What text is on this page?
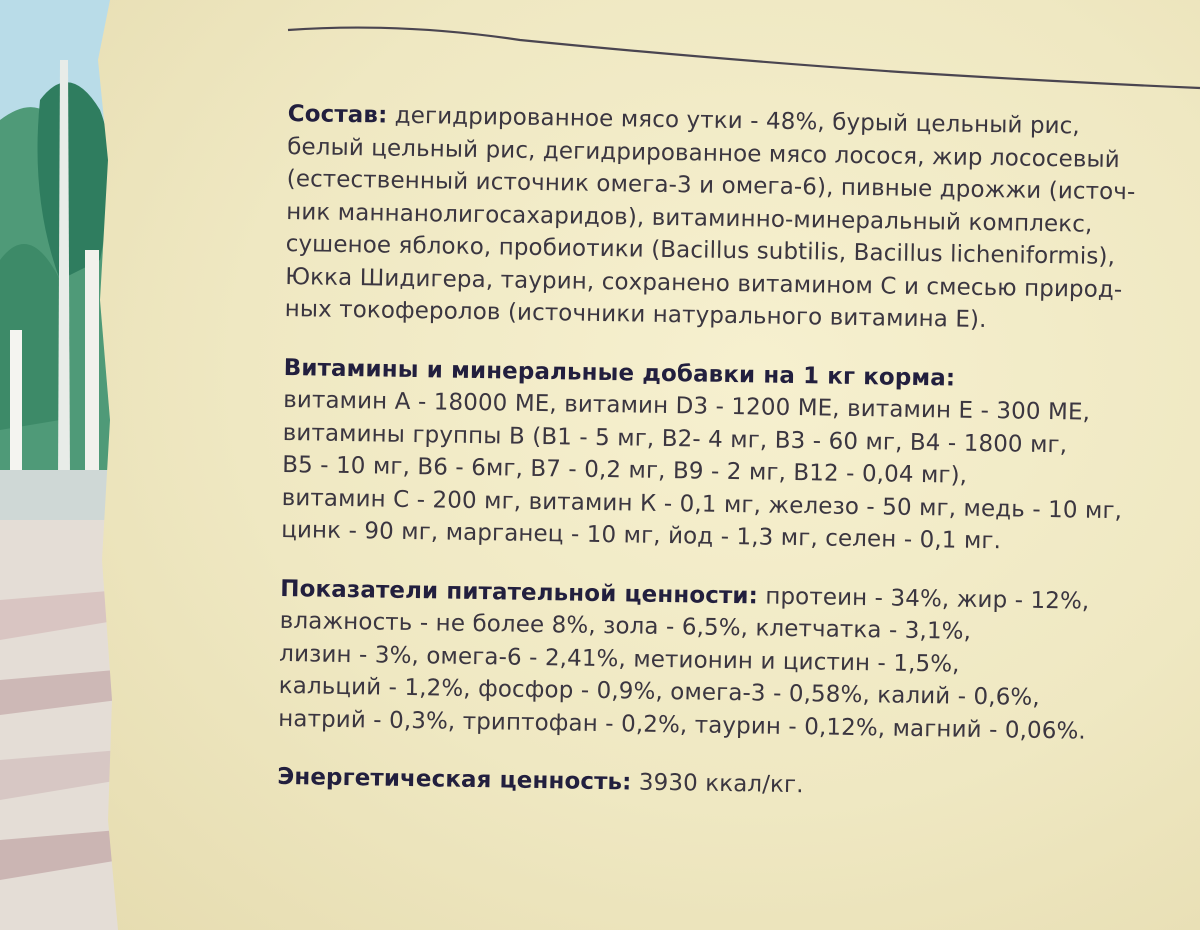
Состав: дегидрированное мясо утки - 48%, бурый цельный рис,
белый цельный рис, дегидрированное мясо лосося, жир лососевый
(естественный источник омега-3 и омега-6), пивные дрожжи (источ-
ник маннанолигосахаридов), витаминно-минеральный комплекс,
сушеное яблоко, пробиотики (Bacillus subtilis, Bacillus licheniformis),
Юкка Шидигера, таурин, сохранено витамином С и смесью природ-
ных токоферолов (источники натурального витамина Е).
Витамины и минеральные добавки на 1 кг корма:
витамин А - 18000 МЕ, витамин D3 - 1200 МЕ, витамин Е - 300 МЕ,
витамины группы В (В1 - 5 мг, В2- 4 мг, В3 - 60 мг, В4 - 1800 мг,
В5 - 10 мг, В6 - 6мг, В7 - 0,2 мг, В9 - 2 мг, В12 - 0,04 мг),
витамин С - 200 мг, витамин К - 0,1 мг, железо - 50 мг, медь - 10 мг,
цинк - 90 мг, марганец - 10 мг, йод - 1,3 мг, селен - 0,1 мг.
Показатели питательной ценности: протеин - 34%, жир - 12%,
влажность - не более 8%, зола - 6,5%, клетчатка - 3,1%,
лизин - 3%, омега-6 - 2,41%, метионин и цистин - 1,5%,
кальций - 1,2%, фосфор - 0,9%, омега-3 - 0,58%, калий - 0,6%,
натрий - 0,3%, триптофан - 0,2%, таурин - 0,12%, магний - 0,06%.
Энергетическая ценность: 3930 ккал/кг.
